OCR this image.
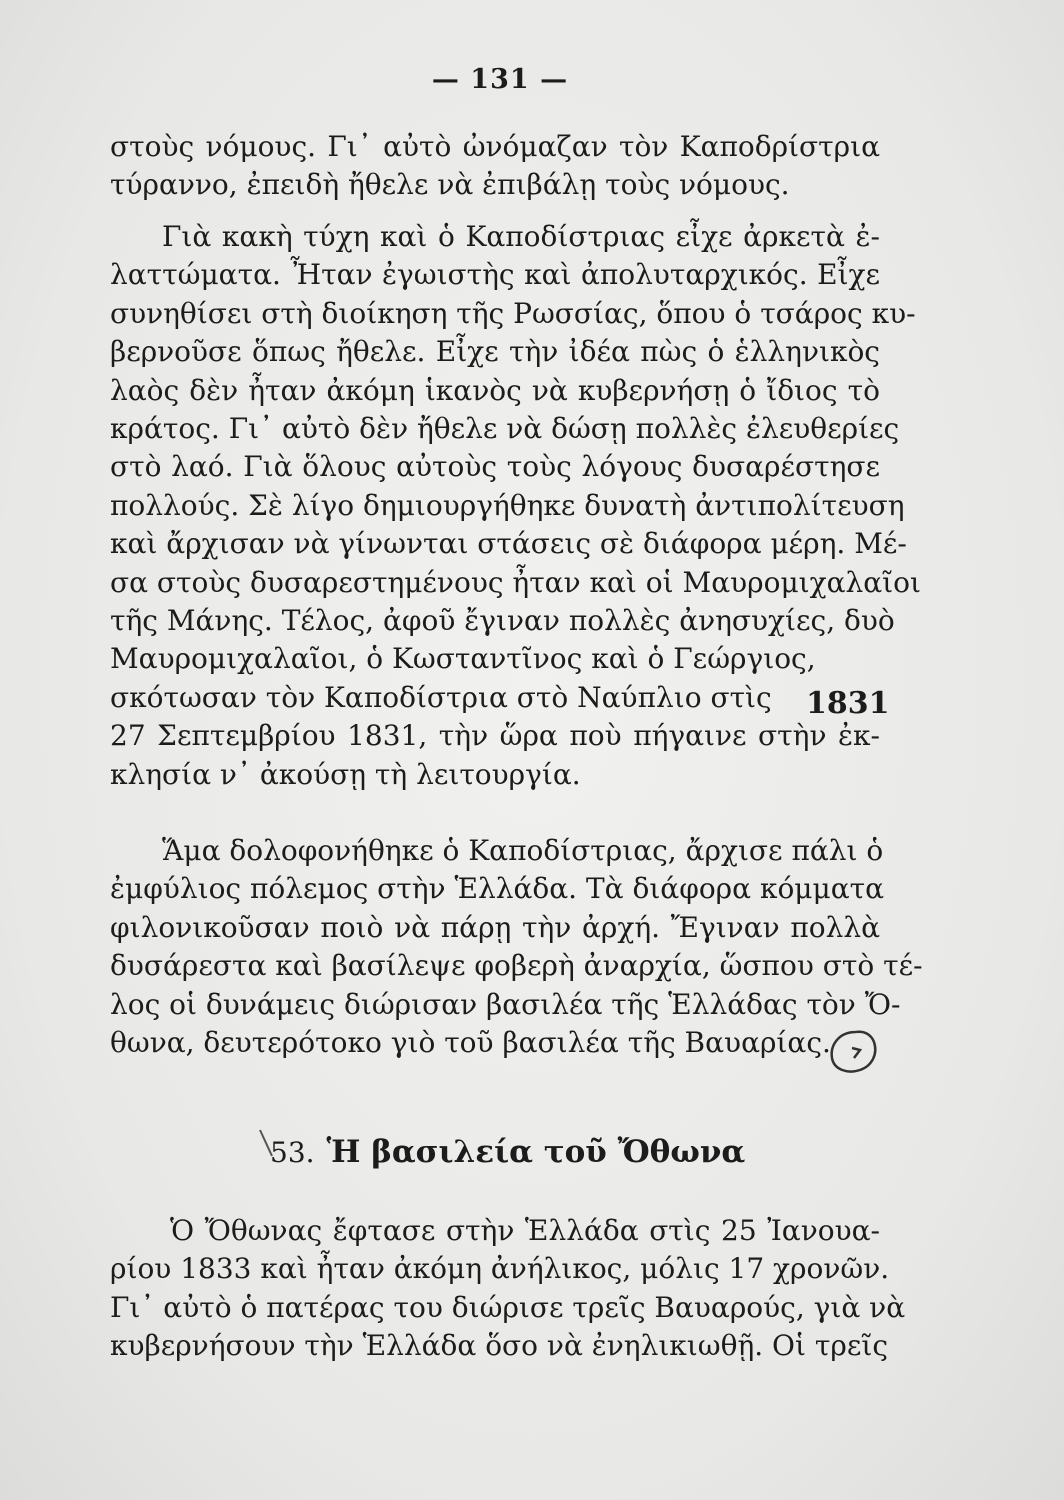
— 131 —
στοὺς νόμους. Γι᾽ αὐτὸ ὠνόμαζαν τὸν Καποδρίστρια
τύραννο, ἐπειδὴ ἤθελε νὰ ἐπιβάλῃ τοὺς νόμους.
Γιὰ κακὴ τύχη καὶ ὁ Καποδίστριας εἶχε ἀρκετὰ ἐ-
λαττώματα. Ἦταν ἐγωιστὴς καὶ ἀπολυταρχικός. Εἶχε
συνηθίσει στὴ διοίκηση τῆς Ρωσσίας, ὅπου ὁ τσάρος κυ-
βερνοῦσε ὅπως ἤθελε. Εἶχε τὴν ἰδέα πὼς ὁ ἑλληνικὸς
λαὸς δὲν ἦταν ἀκόμη ἱκανὸς νὰ κυβερνήσῃ ὁ ἴδιος τὸ
κράτος. Γι᾽ αὐτὸ δὲν ἤθελε νὰ δώσῃ πολλὲς ἐλευθερίες
στὸ λαό. Γιὰ ὅλους αὐτοὺς τοὺς λόγους δυσαρέστησε
πολλούς. Σὲ λίγο δημιουργήθηκε δυνατὴ ἀντιπολίτευση
καὶ ἄρχισαν νὰ γίνωνται στάσεις σὲ διάφορα μέρη. Μέ-
σα στοὺς δυσαρεστημένους ἦταν καὶ οἱ Μαυρομιχαλαῖοι
τῆς Μάνης. Τέλος, ἀφοῦ ἔγιναν πολλὲς ἀνησυχίες, δυὸ
Μαυρομιχαλαῖοι, ὁ Κωσταντῖνος καὶ ὁ Γεώργιος,
σκότωσαν τὸν Καποδίστρια στὸ Ναύπλιο στὶς
27 Σεπτεμβρίου 1831, τὴν ὥρα ποὺ πήγαινε στὴν ἐκ-
κλησία ν᾽ ἀκούσῃ τὴ λειτουργία.
1831
Ἅμα δολοφονήθηκε ὁ Καποδίστριας, ἄρχισε πάλι ὁ
ἐμφύλιος πόλεμος στὴν Ἑλλάδα. Τὰ διάφορα κόμματα
φιλονικοῦσαν ποιὸ νὰ πάρῃ τὴν ἀρχή. Ἔγιναν πολλὰ
δυσάρεστα καὶ βασίλεψε φοβερὴ ἀναρχία, ὥσπου στὸ τέ-
λος οἱ δυνάμεις διώρισαν βασιλέα τῆς Ἑλλάδας τὸν Ὄ-
θωνα, δευτερότοκο γιὸ τοῦ βασιλέα τῆς Βαυαρίας.
53. Ἡ βασιλεία τοῦ Ὄθωνα
Ὁ Ὄθωνας ἔφτασε στὴν Ἑλλάδα στὶς 25 Ἰανουα-
ρίου 1833 καὶ ἦταν ἀκόμη ἀνήλικος, μόλις 17 χρονῶν.
Γι᾽ αὐτὸ ὁ πατέρας του διώρισε τρεῖς Βαυαρούς, γιὰ νὰ
κυβερνήσουν τὴν Ἑλλάδα ὅσο νὰ ἐνηλικιωθῇ. Οἱ τρεῖς
